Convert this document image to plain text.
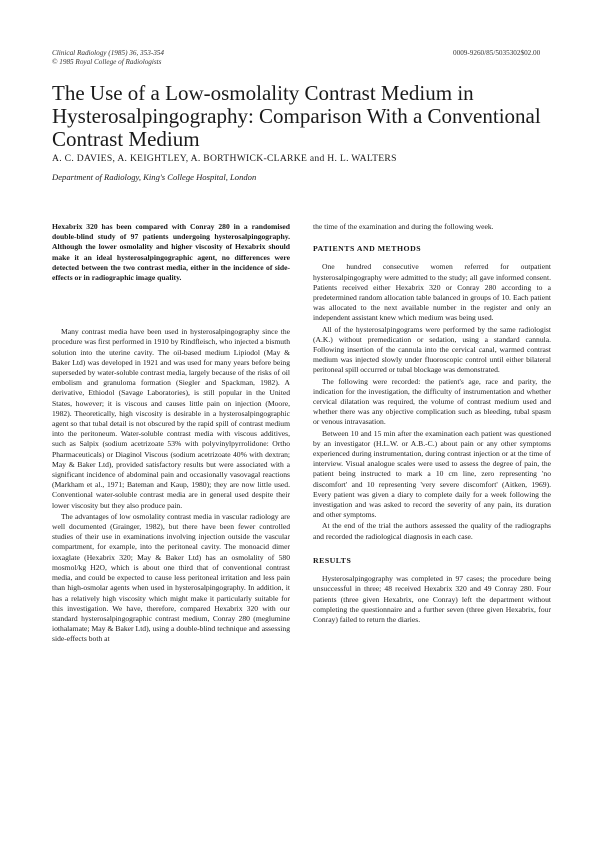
Clinical Radiology (1985) 36, 353-354
© 1985 Royal College of Radiologists
0009-9260/85/5035302$02.00
The Use of a Low-osmolality Contrast Medium in
Hysterosalpingography: Comparison With a Conventional
Contrast Medium
A. C. DAVIES, A. KEIGHTLEY, A. BORTHWICK-CLARKE and H. L. WALTERS
Department of Radiology, King's College Hospital, London

Hexabrix 320 has been compared with Conray 280 in a randomised double-blind study of 97 patients undergoing hysterosalpingography. Although the lower osmolality and higher viscosity of Hexabrix should make it an ideal hysterosalpingographic agent, no differences were detected between the two contrast media, either in the incidence of side-effects or in radiographic image quality.

Many contrast media have been used in hysterosalpingography since the procedure was first performed in 1910 by Rindfleisch, who injected a bismuth solution into the uterine cavity. The oil-based medium Lipiodol (May & Baker Ltd) was developed in 1921 and was used for many years before being superseded by water-soluble contrast media, largely because of the risks of oil embolism and granuloma formation (Siegler and Spackman, 1982). A derivative, Ethiodol (Savage Laboratories), is still popular in the United States, however; it is viscous and causes little pain on injection (Moore, 1982). Theoretically, high viscosity is desirable in a hysterosalpingographic agent so that tubal detail is not obscured by the rapid spill of contrast medium into the peritoneum. Water-soluble contrast media with viscous additives, such as Salpix (sodium acetrizoate 53% with polyvinylpyrrolidone: Ortho Pharmaceuticals) or Diaginol Viscous (sodium acetrizoate 40% with dextran; May & Baker Ltd), provided satisfactory results but were associated with a significant incidence of abdominal pain and occasionally vasovagal reactions (Markham et al., 1971; Bateman and Kaup, 1980); they are now little used. Conventional water-soluble contrast media are in general used despite their lower viscosity but they also produce pain.

The advantages of low osmolality contrast media in vascular radiology are well documented (Grainger, 1982), but there have been fewer controlled studies of their use in examinations involving injection outside the vascular compartment, for example, into the peritoneal cavity. The monoacid dimer ioxaglate (Hexabrix 320; May & Baker Ltd) has an osmolality of 580 mosmol/kg H2O, which is about one third that of conventional contrast media, and could be expected to cause less peritoneal irritation and less pain than high-osmolar agents when used in hysterosalpingography. In addition, it has a relatively high viscosity which might make it particularly suitable for this investigation. We have, therefore, compared Hexabrix 320 with our standard hysterosalpingographic contrast medium, Conray 280 (meglumine iothalamate; May & Baker Ltd), using a double-blind technique and assessing side-effects both at

the time of the examination and during the following week.

PATIENTS AND METHODS

One hundred consecutive women referred for outpatient hysterosalpingography were admitted to the study; all gave informed consent. Patients received either Hexabrix 320 or Conray 280 according to a predetermined random allocation table balanced in groups of 10. Each patient was allocated to the next available number in the register and only an independent assistant knew which medium was being used.

All of the hysterosalpingograms were performed by the same radiologist (A.K.) without premedication or sedation, using a standard cannula. Following insertion of the cannula into the cervical canal, warmed contrast medium was injected slowly under fluoroscopic control until either bilateral peritoneal spill occurred or tubal blockage was demonstrated.

The following were recorded: the patient's age, race and parity, the indication for the investigation, the difficulty of instrumentation and whether cervical dilatation was required, the volume of contrast medium used and whether there was any objective complication such as bleeding, tubal spasm or venous intravasation.

Between 10 and 15 min after the examination each patient was questioned by an investigator (H.L.W. or A.B.-C.) about pain or any other symptoms experienced during instrumentation, during contrast injection or at the time of interview. Visual analogue scales were used to assess the degree of pain, the patient being instructed to mark a 10 cm line, zero representing 'no discomfort' and 10 representing 'very severe discomfort' (Aitken, 1969). Every patient was given a diary to complete daily for a week following the investigation and was asked to record the severity of any pain, its duration and other symptoms.

At the end of the trial the authors assessed the quality of the radiographs and recorded the radiological diagnosis in each case.

RESULTS

Hysterosalpingography was completed in 97 cases; the procedure being unsuccessful in three; 48 received Hexabrix 320 and 49 Conray 280. Four patients (three given Hexabrix, one Conray) left the department without completing the questionnaire and a further seven (three given Hexabrix, four Conray) failed to return the diaries.
